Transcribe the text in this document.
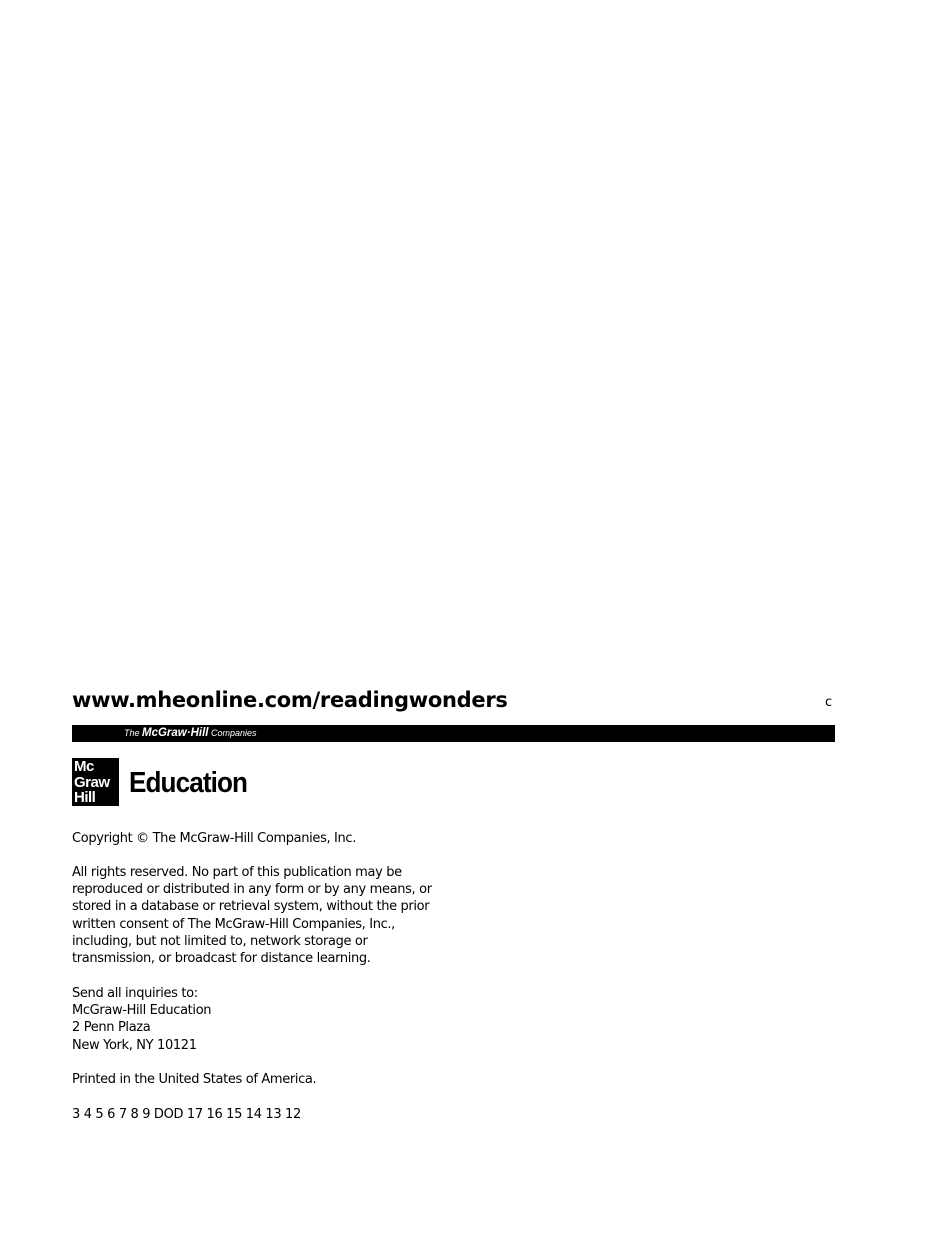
www.mheonline.com/readingwonders	c
The McGraw·Hill Companies
Mc
Graw
Hill Education
Copyright © The McGraw-Hill Companies, Inc.
All rights reserved. No part of this publication may be
reproduced or distributed in any form or by any means, or
stored in a database or retrieval system, without the prior
written consent of The McGraw-Hill Companies, Inc.,
including, but not limited to, network storage or
transmission, or broadcast for distance learning.
Send all inquiries to:
McGraw-Hill Education
2 Penn Plaza
New York, NY 10121
Printed in the United States of America.
3 4 5 6 7 8 9 DOD 17 16 15 14 13 12
